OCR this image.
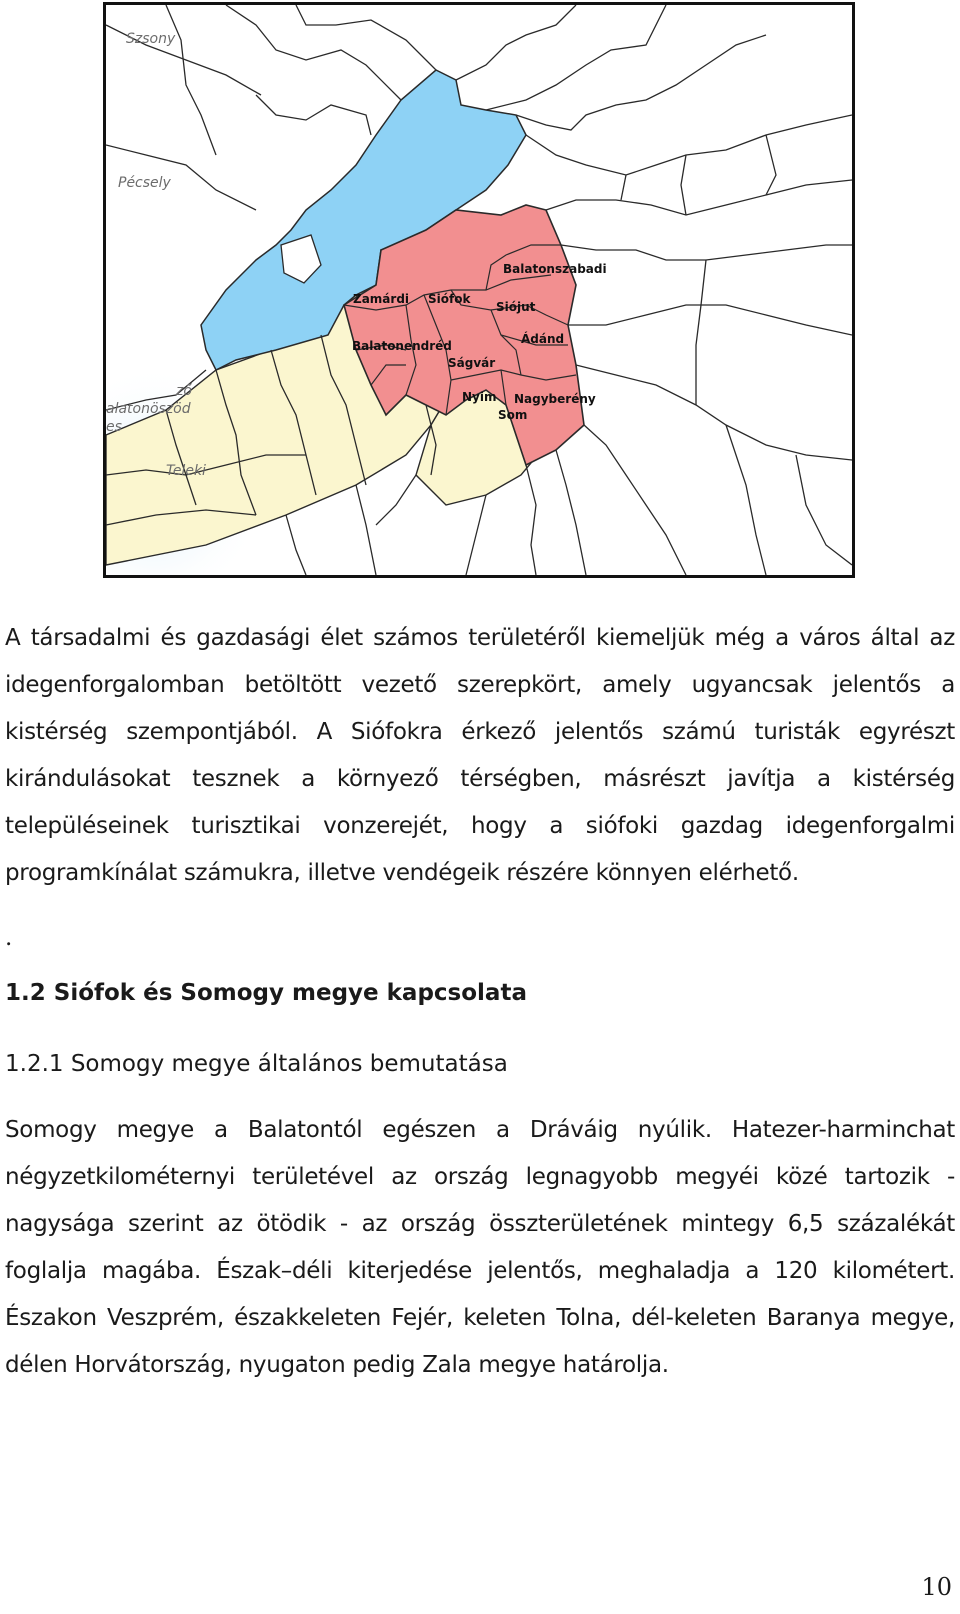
Zamárdi Siófok
Balatonszabadi
Siójut
Balatonendréd	Ádánd
Ságvár
Nyim Nagyberény
Som
Szsony
Pécsely
ző
alatonöszöd
es
Teleki

A társadalmi és gazdasági élet számos területéről kiemeljük még a város által az idegenforgalomban betöltött vezető szerepkört, amely ugyancsak jelentős a kistérség szempontjából. A Siófokra érkező jelentős számú turisták egyrészt kirándulásokat tesznek a környező térségben, másrészt javítja a kistérség településeinek turisztikai vonzerejét, hogy a siófoki gazdag idegenforgalmi programkínálat számukra, illetve vendégeik részére könnyen elérhető.

.
1.2 Siófok és Somogy megye kapcsolata
1.2.1 Somogy megye általános bemutatása

Somogy megye a Balatontól egészen a Dráváig nyúlik. Hatezer-harminchat négyzetkilométernyi területével az ország legnagyobb megyéi közé tartozik - nagysága szerint az ötödik - az ország összterületének mintegy 6,5 százalékát foglalja magába. Észak–déli kiterjedése jelentős, meghaladja a 120 kilométert. Északon Veszprém, északkeleten Fejér, keleten Tolna, dél-keleten Baranya megye, délen Horvátország, nyugaton pedig Zala megye határolja.

10
